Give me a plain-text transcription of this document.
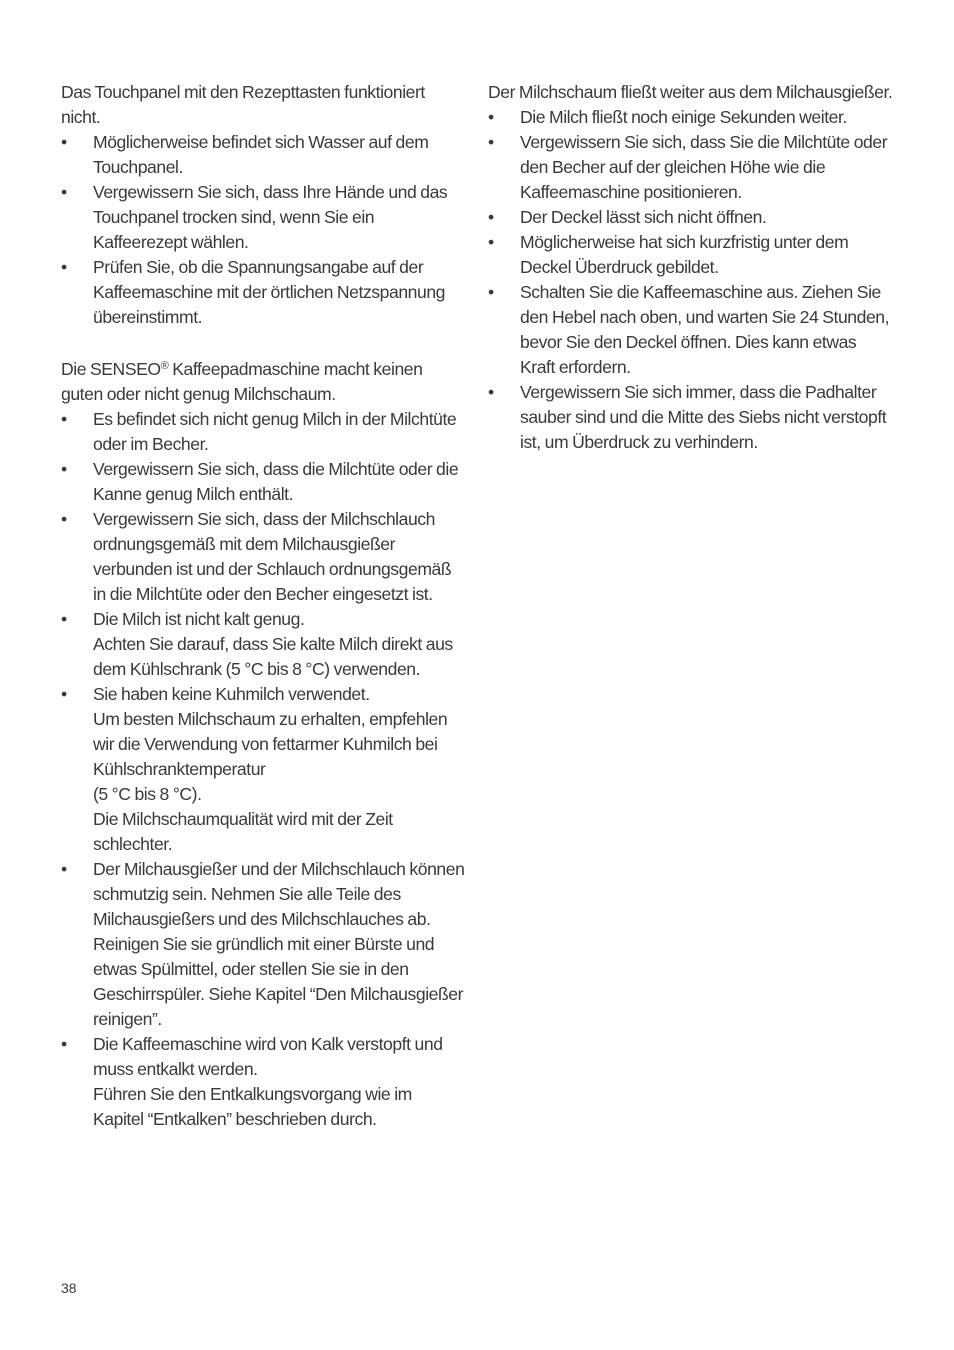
Das Touchpanel mit den Rezepttasten funktioniert nicht.

•	Möglicherweise befindet sich Wasser auf dem Touchpanel.
•	Vergewissern Sie sich, dass Ihre Hände und das Touchpanel trocken sind, wenn Sie ein Kaffeerezept wählen.
•	Prüfen Sie, ob die Spannungsangabe auf der Kaffeemaschine mit der örtlichen Netzspannung übereinstimmt.

Die SENSEO® Kaffeepadmaschine macht keinen guten oder nicht genug Milchschaum.

•	Es befindet sich nicht genug Milch in der Milchtüte oder im Becher.
•	Vergewissern Sie sich, dass die Milchtüte oder die Kanne genug Milch enthält.
•	Vergewissern Sie sich, dass der Milchschlauch ordnungsgemäß mit dem Milchausgießer verbunden ist und der Schlauch ordnungsgemäß in die Milchtüte oder den Becher eingesetzt ist.
•	Die Milch ist nicht kalt genug.
Achten Sie darauf, dass Sie kalte Milch direkt aus dem Kühlschrank (5 °C bis 8 °C) verwenden.
•	Sie haben keine Kuhmilch verwendet.
Um besten Milchschaum zu erhalten, empfehlen wir die Verwendung von fettarmer Kuhmilch bei Kühlschranktemperatur
(5 °C bis 8 °C).
Die Milchschaumqualität wird mit der Zeit schlechter.
•	Der Milchausgießer und der Milchschlauch können schmutzig sein. Nehmen Sie alle Teile des Milchausgießers und des Milchschlauches ab. Reinigen Sie sie gründlich mit einer Bürste und etwas Spülmittel, oder stellen Sie sie in den Geschirrspüler. Siehe Kapitel “Den Milchausgießer reinigen”.
•	Die Kaffeemaschine wird von Kalk verstopft und muss entkalkt werden.
Führen Sie den Entkalkungsvorgang wie im Kapitel “Entkalken” beschrieben durch.

Der Milchschaum fließt weiter aus dem Milchausgießer.

•	Die Milch fließt noch einige Sekunden weiter.
•	Vergewissern Sie sich, dass Sie die Milchtüte oder den Becher auf der gleichen Höhe wie die Kaffeemaschine positionieren.
•	Der Deckel lässt sich nicht öffnen.
•	Möglicherweise hat sich kurzfristig unter dem Deckel Überdruck gebildet.
•	Schalten Sie die Kaffeemaschine aus. Ziehen Sie den Hebel nach oben, und warten Sie 24 Stunden, bevor Sie den Deckel öffnen. Dies kann etwas Kraft erfordern.
•	Vergewissern Sie sich immer, dass die Padhalter sauber sind und die Mitte des Siebs nicht verstopft ist, um Überdruck zu verhindern.
38
